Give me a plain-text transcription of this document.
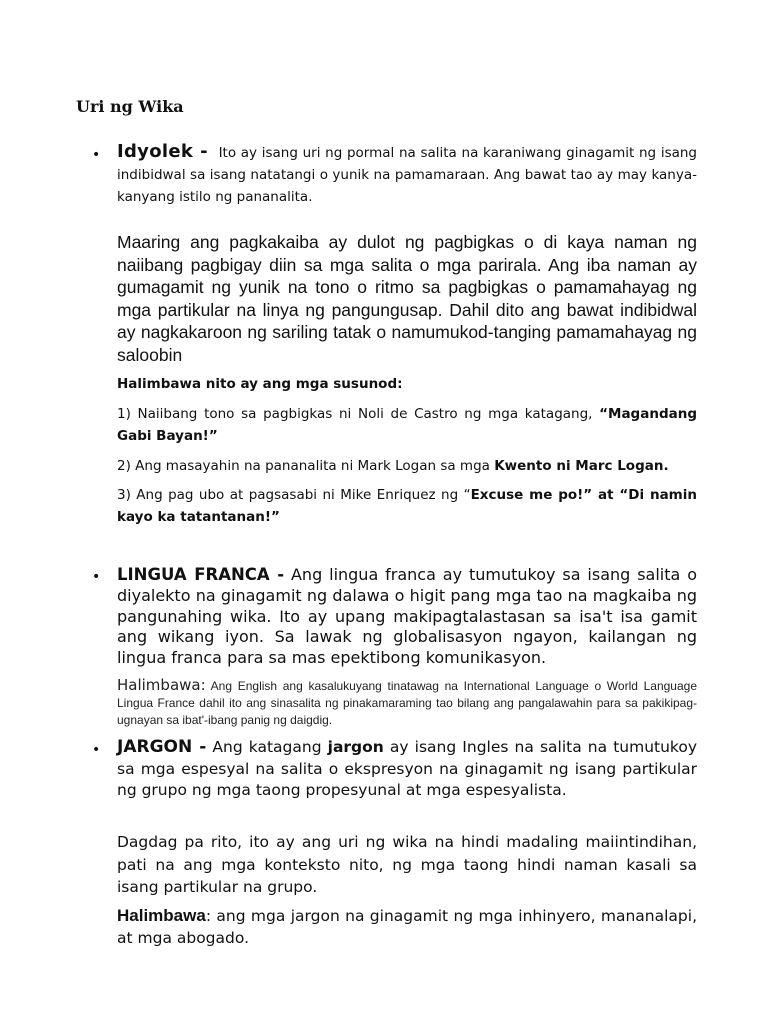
Uri ng Wika
• Idyolek - Ito ay isang uri ng pormal na salita na karaniwang ginagamit ng isang indibidwal sa isang natatangi o yunik na pamamaraan. Ang bawat tao ay may kanya-kanyang istilo ng pananalita.
Maaring ang pagkakaiba ay dulot ng pagbigkas o di kaya naman ng naiibang pagbigay diin sa mga salita o mga parirala. Ang iba naman ay gumagamit ng yunik na tono o ritmo sa pagbigkas o pamamahayag ng mga partikular na linya ng pangungusap. Dahil dito ang bawat indibidwal ay nagkakaroon ng sariling tatak o namumukod-tanging pamamahayag ng saloobin
Halimbawa nito ay ang mga susunod:
1) Naiibang tono sa pagbigkas ni Noli de Castro ng mga katagang, “Magandang Gabi Bayan!”
2) Ang masayahin na pananalita ni Mark Logan sa mga Kwento ni Marc Logan.
3) Ang pag ubo at pagsasabi ni Mike Enriquez ng “Excuse me po!” at “Di namin kayo ka tatantanan!”
• LINGUA FRANCA - Ang lingua franca ay tumutukoy sa isang salita o diyalekto na ginagamit ng dalawa o higit pang mga tao na magkaiba ng pangunahing wika. Ito ay upang makipagtalastasan sa isa't isa gamit ang wikang iyon. Sa lawak ng globalisasyon ngayon, kailangan ng lingua franca para sa mas epektibong komunikasyon.
Halimbawa: Ang English ang kasalukuyang tinatawag na International Language o World Language Lingua France dahil ito ang sinasalita ng pinakamaraming tao bilang ang pangalawahin para sa pakikipag-ugnayan sa ibat'-ibang panig ng daigdig.
• JARGON - Ang katagang jargon ay isang Ingles na salita na tumutukoy sa mga espesyal na salita o ekspresyon na ginagamit ng isang partikular ng grupo ng mga taong propesyunal at mga espesyalista.
Dagdag pa rito, ito ay ang uri ng wika na hindi madaling maiintindihan, pati na ang mga konteksto nito, ng mga taong hindi naman kasali sa isang partikular na grupo.
Halimbawa: ang mga jargon na ginagamit ng mga inhinyero, mananalapi, at mga abogado.
